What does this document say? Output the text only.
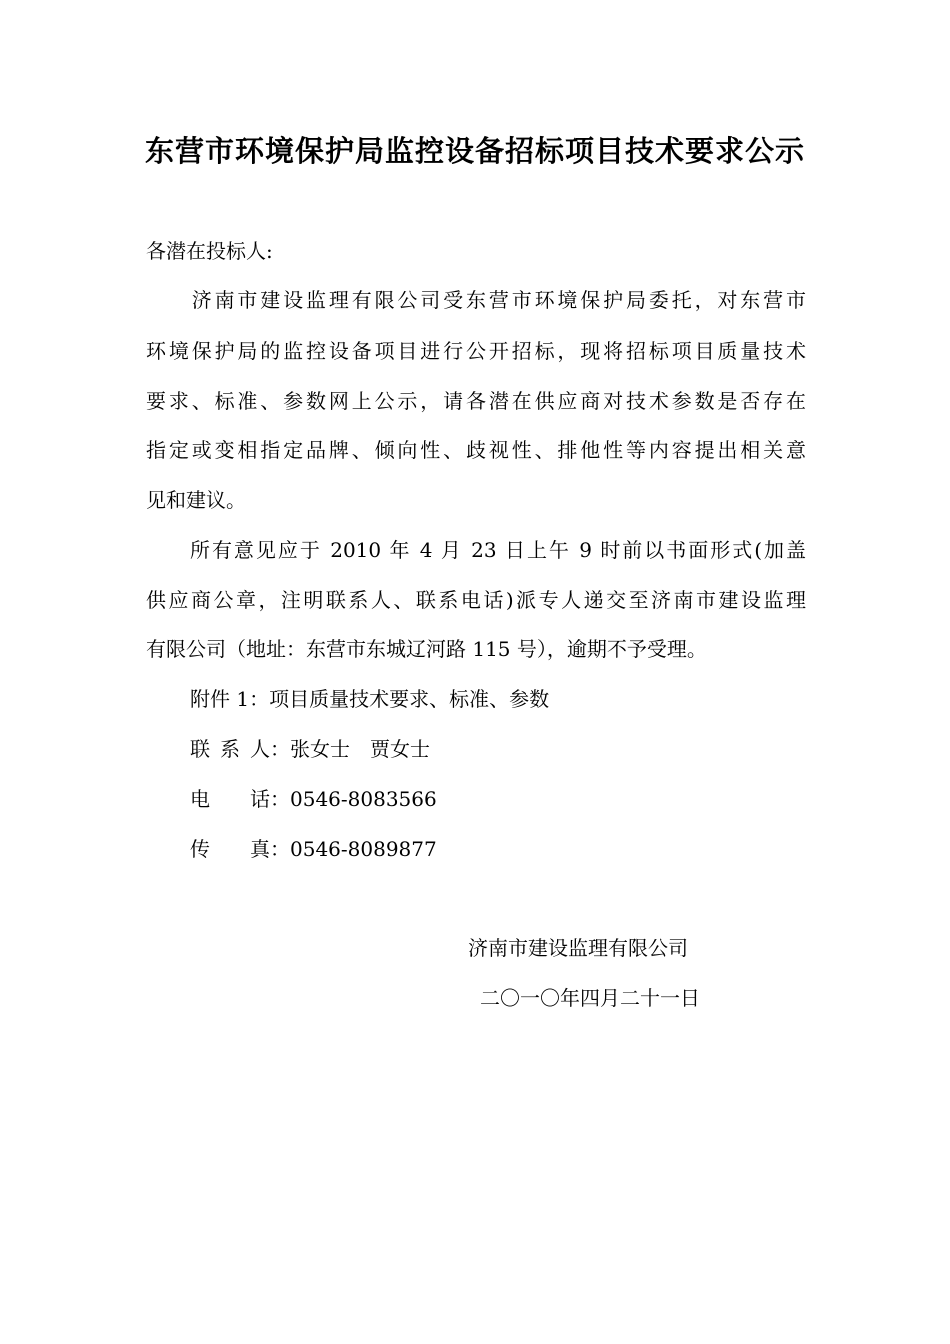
东营市环境保护局监控设备招标项目技术要求公示
各潜在投标人:
　　济南市建设监理有限公司受东营市环境保护局委托，对东营市
环境保护局的监控设备项目进行公开招标，现将招标项目质量技术
要求、标准、参数网上公示，请各潜在供应商对技术参数是否存在
指定或变相指定品牌、倾向性、歧视性、排他性等内容提出相关意
见和建议。
　　所有意见应于 2010 年 4 月 23 日上午 9 时前以书面形式(加盖
供应商公章，注明联系人、联系电话)派专人递交至济南市建设监理
有限公司（地址：东营市东城辽河路 115 号），逾期不予受理。
附件 1：项目质量技术要求、标准、参数
联系人：张女士　贾女士
电话：0546-8083566
传真：0546-8089877
济南市建设监理有限公司
二〇一〇年四月二十一日
